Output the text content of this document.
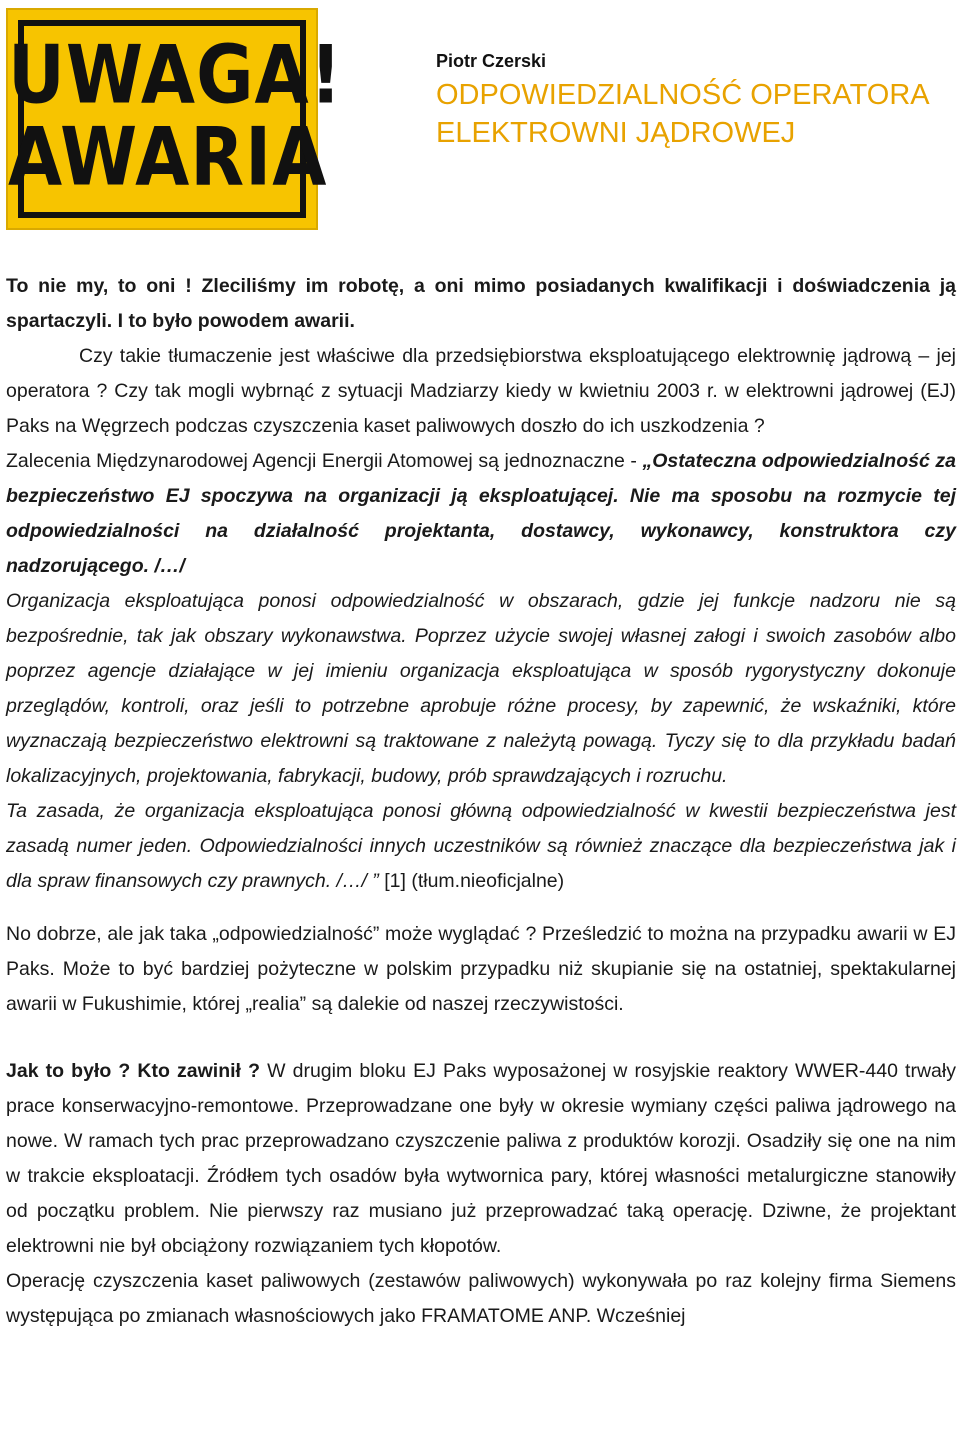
UWAGA!
AWARIA
Piotr Czerski
ODPOWIEDZIALNOŚĆ OPERATORA ELEKTROWNI JĄDROWEJ

To nie my, to oni ! Zleciliśmy im robotę, a oni mimo posiadanych kwalifikacji i doświadczenia ją spartaczyli. I to było powodem awarii.
Czy takie tłumaczenie jest właściwe dla przedsiębiorstwa eksploatującego elektrownię jądrową – jej operatora ? Czy tak mogli wybrnąć z sytuacji Madziarzy kiedy w kwietniu 2003 r. w elektrowni jądrowej (EJ) Paks na Węgrzech podczas czyszczenia kaset paliwowych doszło do ich uszkodzenia ?

Zalecenia Międzynarodowej Agencji Energii Atomowej są jednoznaczne - „Ostateczna odpowiedzialność za bezpieczeństwo EJ spoczywa na organizacji ją eksploatującej. Nie ma sposobu na rozmycie tej odpowiedzialności na działalność projektanta, dostawcy, wykonawcy, konstruktora czy nadzorującego. /…/
Organizacja eksploatująca ponosi odpowiedzialność w obszarach, gdzie jej funkcje nadzoru nie są bezpośrednie, tak jak obszary wykonawstwa. Poprzez użycie swojej własnej załogi i swoich zasobów albo poprzez agencje działające w jej imieniu organizacja eksploatująca w sposób rygorystyczny dokonuje przeglądów, kontroli, oraz jeśli to potrzebne aprobuje różne procesy, by zapewnić, że wskaźniki, które wyznaczają bezpieczeństwo elektrowni są traktowane z należytą powagą. Tyczy się to dla przykładu badań lokalizacyjnych, projektowania, fabrykacji, budowy, prób sprawdzających i rozruchu.
Ta zasada, że organizacja eksploatująca ponosi główną odpowiedzialność w kwestii bezpieczeństwa jest zasadą numer jeden. Odpowiedzialności innych uczestników są również znaczące dla bezpieczeństwa jak i dla spraw finansowych czy prawnych. /…/ ” [1] (tłum.nieoficjalne)

No dobrze, ale jak taka „odpowiedzialność” może wyglądać ? Prześledzić to można na przypadku awarii w EJ Paks. Może to być bardziej pożyteczne w polskim przypadku niż skupianie się na ostatniej, spektakularnej awarii w Fukushimie, której „realia” są dalekie od naszej rzeczywistości.

Jak to było ? Kto zawinił ? W drugim bloku EJ Paks wyposażonej w rosyjskie reaktory WWER-440 trwały prace konserwacyjno-remontowe. Przeprowadzane one były w okresie wymiany części paliwa jądrowego na nowe. W ramach tych prac przeprowadzano czyszczenie paliwa z produktów korozji. Osadziły się one na nim w trakcie eksploatacji. Źródłem tych osadów była wytwornica pary, której własności metalurgiczne stanowiły od początku problem. Nie pierwszy raz musiano już przeprowadzać taką operację. Dziwne, że projektant elektrowni nie był obciążony rozwiązaniem tych kłopotów.

Operację czyszczenia kaset paliwowych (zestawów paliwowych) wykonywała po raz kolejny firma Siemens występująca po zmianach własnościowych jako FRAMATOME ANP. Wcześniej
